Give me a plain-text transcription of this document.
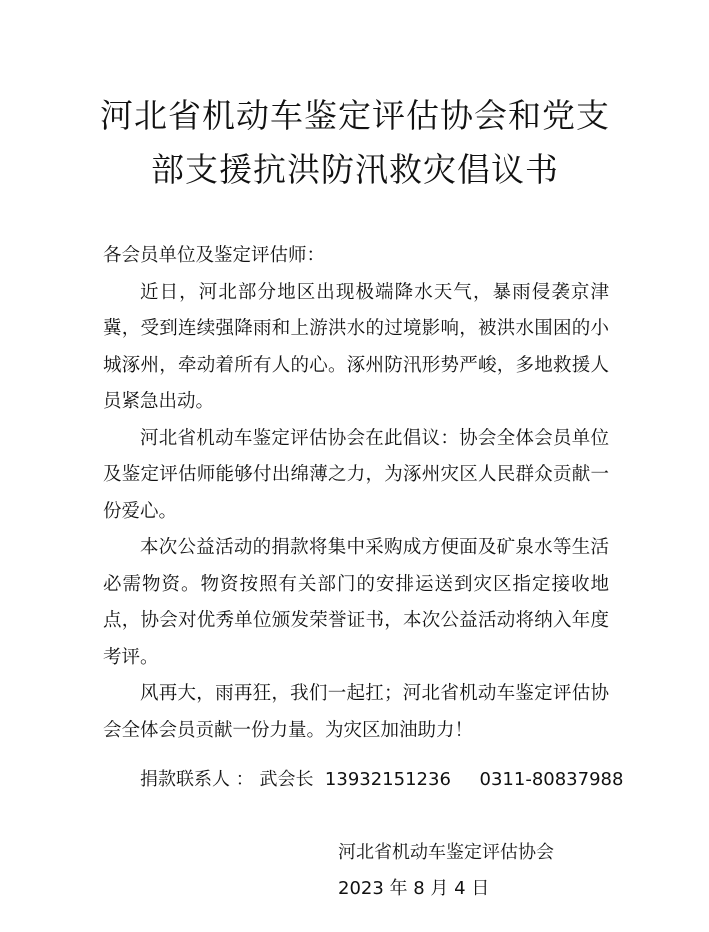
河北省机动车鉴定评估协会和党支
部支援抗洪防汛救灾倡议书

各会员单位及鉴定评估师：

近日，河北部分地区出现极端降水天气，暴雨侵袭京津冀，受到连续强降雨和上游洪水的过境影响，被洪水围困的小城涿州，牵动着所有人的心。涿州防汛形势严峻，多地救援人员紧急出动。

河北省机动车鉴定评估协会在此倡议：协会全体会员单位及鉴定评估师能够付出绵薄之力，为涿州灾区人民群众贡献一份爱心。

本次公益活动的捐款将集中采购成方便面及矿泉水等生活必需物资。物资按照有关部门的安排运送到灾区指定接收地点，协会对优秀单位颁发荣誉证书，本次公益活动将纳入年度考评。

风再大，雨再狂，我们一起扛；河北省机动车鉴定评估协会全体会员贡献一份力量。为灾区加油助力！

捐款联系人 ： 武会长 13932151236 0311-80837988
河北省机动车鉴定评估协会
2023 年 8 月 4 日
